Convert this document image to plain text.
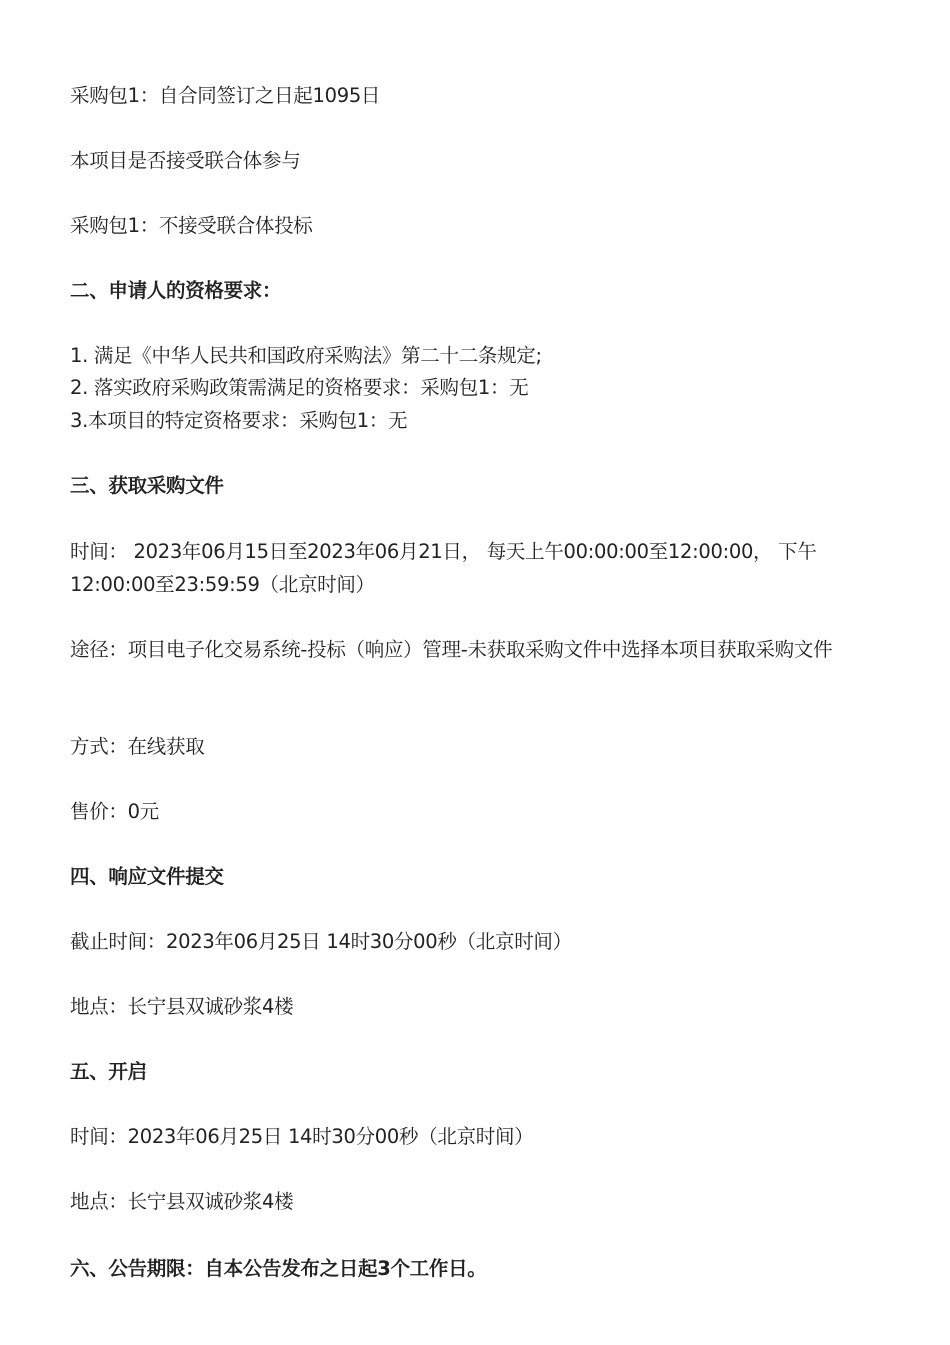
采购包1：自合同签订之日起1095日
本项目是否接受联合体参与
采购包1：不接受联合体投标
二、申请人的资格要求：
1. 满足《中华人民共和国政府采购法》第二十二条规定;
2. 落实政府采购政策需满足的资格要求：采购包1：无
3.本项目的特定资格要求：采购包1：无
三、获取采购文件
时间： 2023年06月15日至2023年06月21日， 每天上午00:00:00至12:00:00， 下午12:00:00至23:59:59（北京时间）
途径：项目电子化交易系统-投标（响应）管理-未获取采购文件中选择本项目获取采购文件
方式：在线获取
售价：0元
四、响应文件提交
截止时间：2023年06月25日 14时30分00秒（北京时间）
地点：长宁县双诚砂浆4楼
五、开启
时间：2023年06月25日 14时30分00秒（北京时间）
地点：长宁县双诚砂浆4楼
六、公告期限：自本公告发布之日起3个工作日。
